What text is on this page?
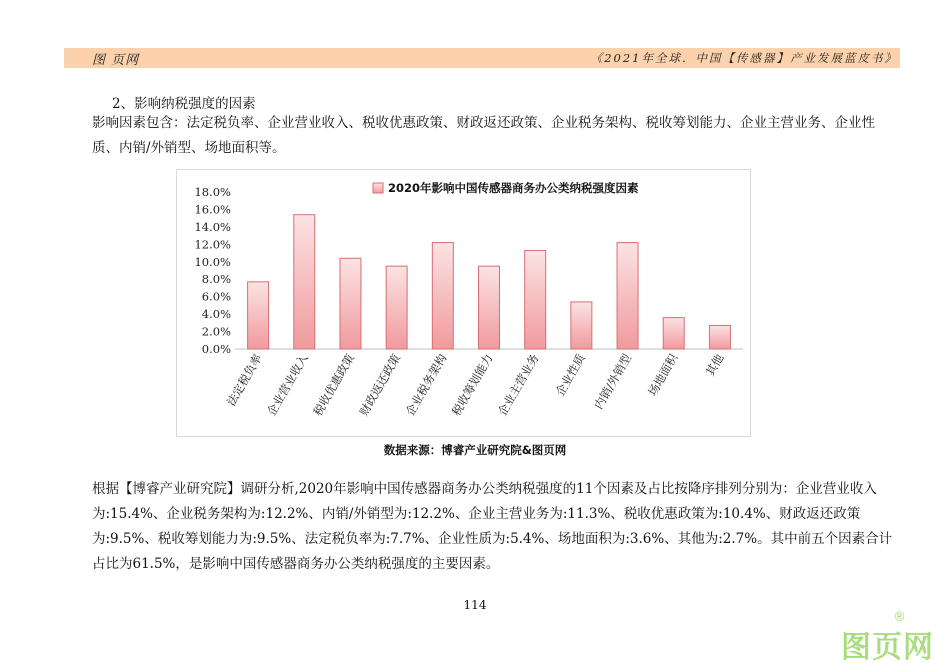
图 页网	《2021年全球．中国【传感器】产业发展蓝皮书》
2、影响纳税强度的因素
影响因素包含：法定税负率、企业营业收入、税收优惠政策、财政返还政策、企业税务架构、税收筹划能力、企业主营业务、企业性质、内销/外销型、场地面积等。
2020年影响中国传感器商务办公类纳税强度因素
0.0%
2.0%
4.0%
6.0%
8.0%
10.0%
12.0%
14.0%
16.0%
18.0%
法定税负率 企业营业收入 税收优惠政策 财政返还政策 企业税务架构 税收筹划能力 企业主营业务 企业性质 内销/外销型 场地面积 其他
数据来源：博睿产业研究院&图页网
根据【博睿产业研究院】调研分析,2020年影响中国传感器商务办公类纳税强度的11个因素及占比按降序排列分别为：企业营业收入为:15.4%、企业税务架构为:12.2%、内销/外销型为:12.2%、企业主营业务为:11.3%、税收优惠政策为:10.4%、财政返还政策为:9.5%、税收筹划能力为:9.5%、法定税负率为:7.7%、企业性质为:5.4%、场地面积为:3.6%、其他为:2.7%。其中前五个因素合计占比为61.5%，是影响中国传感器商务办公类纳税强度的主要因素。
114
图页网
®
